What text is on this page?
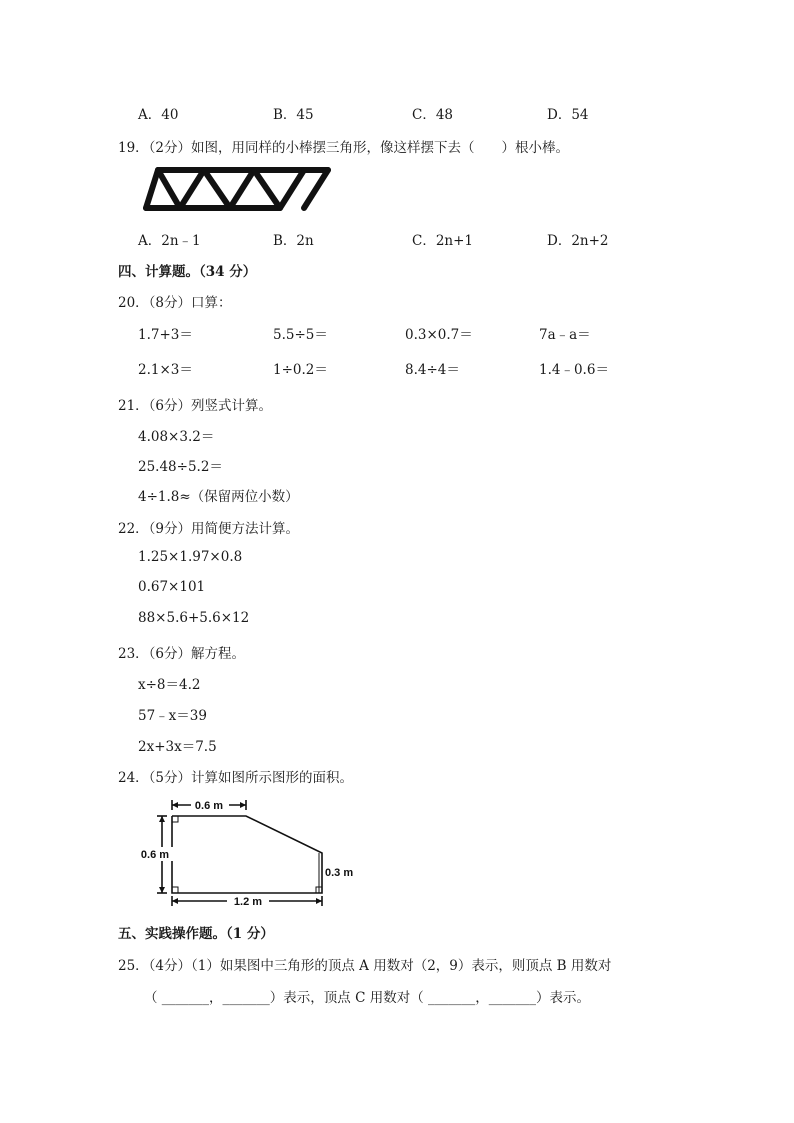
A．40	B．45	C．48	D．54
19．（2分）如图，用同样的小棒摆三角形，像这样摆下去（　　）根小棒。
A．2n﹣1	B．2n	C．2n+1	D．2n+2
四、计算题。（34 分）
20．（8分）口算：
1.7+3＝	5.5÷5＝	0.3×0.7＝	7a﹣a＝
2.1×3＝	1÷0.2＝	8.4÷4＝	1.4﹣0.6＝
21．（6分）列竖式计算。
4.08×3.2＝
25.48÷5.2＝
4÷1.8≈（保留两位小数）
22．（9分）用简便方法计算。
1.25×1.97×0.8
0.67×101
88×5.6+5.6×12
23．（6分）解方程。
x÷8＝4.2
57﹣x＝39
2x+3x＝7.5
24．（5分）计算如图所示图形的面积。
0.6 m
0.6 m
0.3 m
1.2 m
五、实践操作题。（1 分）
25．（4分）（1）如果图中三角形的顶点 A 用数对（2，9）表示，则顶点 B 用数对
（ _______，_______）表示，顶点 C 用数对（ _______，_______）表示。
